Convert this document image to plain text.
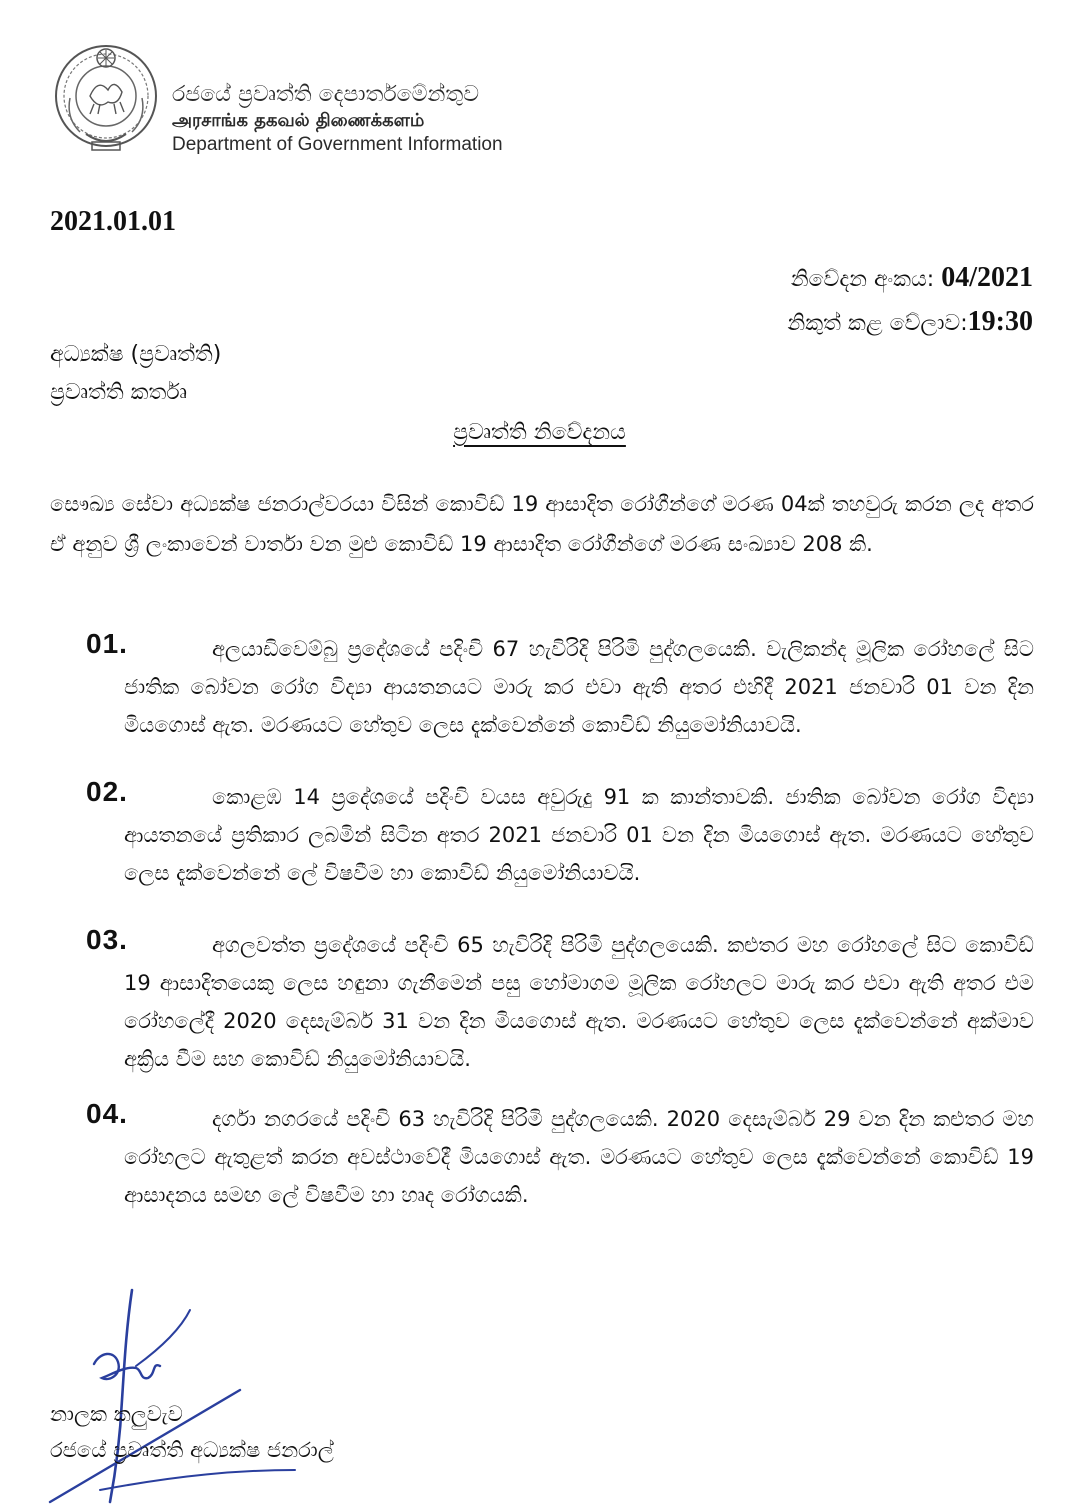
රජයේ ප්‍රවෘත්ති දෙපාර්තමේන්තුව
அரசாங்க தகவல் திணைக்களம்
Department of Government Information
2021.01.01
නිවේදන අංකය: 04/2021
නිකුත් කළ වේලාව:19:30
අධ්‍යක්ෂ (ප්‍රවෘත්ති)
ප්‍රවෘත්ති කර්තෘ
ප්‍රවෘත්ති නිවේදනය
සෞඛ්‍ය සේවා අධ්‍යක්ෂ ජනරාල්වරයා විසින් කොවිඩ් 19 ආසාදිත රෝගීන්ගේ මරණ 04ක් තහවුරු කරන ලද අතර ඒ අනුව ශ්‍රී ලංකාවෙන් වාර්තා වන මුළු කොවිඩ් 19 ආසාදිත රෝගීන්ගේ මරණ සංඛ්‍යාව 208 කි.
01.	අලයාඩිවෙම්බු ප්‍රදේශයේ පදිංචි 67 හැවිරිදි පිරිමි පුද්ගලයෙකි. වැලිකන්ද මූලික රෝහලේ සිට ජාතික බෝවන රෝග විද්‍යා ආයතනයට මාරු කර එවා ඇති අතර එහිදී 2021 ජනවාරි 01 වන දින මියගොස් ඇත. මරණයට හේතුව ලෙස දැක්වෙන්නේ කොවිඩ් නියුමෝනියාවයි.
02.	කොළඹ 14 ප්‍රදේශයේ පදිංචි වයස අවුරුදු 91 ක කාන්තාවකි. ජාතික බෝවන රෝග විද්‍යා ආයතනයේ ප්‍රතිකාර ලබමින් සිටින අතර 2021 ජනවාරි 01 වන දින මියගොස් ඇත. මරණයට හේතුව ලෙස දැක්වෙන්නේ ලේ විෂවීම හා කොවිඩ් නියුමෝනියාවයි.
03.	අගලවත්ත ප්‍රදේශයේ පදිංචි 65 හැවිරිදි පිරිමි පුද්ගලයෙකි. කළුතර මහ රෝහලේ සිට කොවිඩ් 19 ආසාදිතයෙකු ලෙස හඳුනා ගැනීමෙන් පසු හෝමාගම මූලික රෝහලට මාරු කර එවා ඇති අතර එම රෝහලේදී 2020 දෙසැම්බර් 31 වන දින මියගොස් ඇත. මරණයට හේතුව ලෙස දැක්වෙන්නේ අක්මාව අක්‍රිය වීම සහ කොවිඩ් නියුමෝනියාවයි.
04.	දර්ගා නගරයේ පදිංචි 63 හැවිරිදි පිරිමි පුද්ගලයෙකි. 2020 දෙසැම්බර් 29 වන දින කළුතර මහ රෝහලට ඇතුළත් කරන අවස්ථාවේදී මියගොස් ඇත. මරණයට හේතුව ලෙස දැක්වෙන්නේ කොවිඩ් 19 ආසාදනය සමඟ ලේ විෂවීම හා හෘද රෝගයකි.
නාලක කලුවැව
රජයේ ප්‍රවෘත්ති අධ්‍යක්ෂ ජනරාල්
